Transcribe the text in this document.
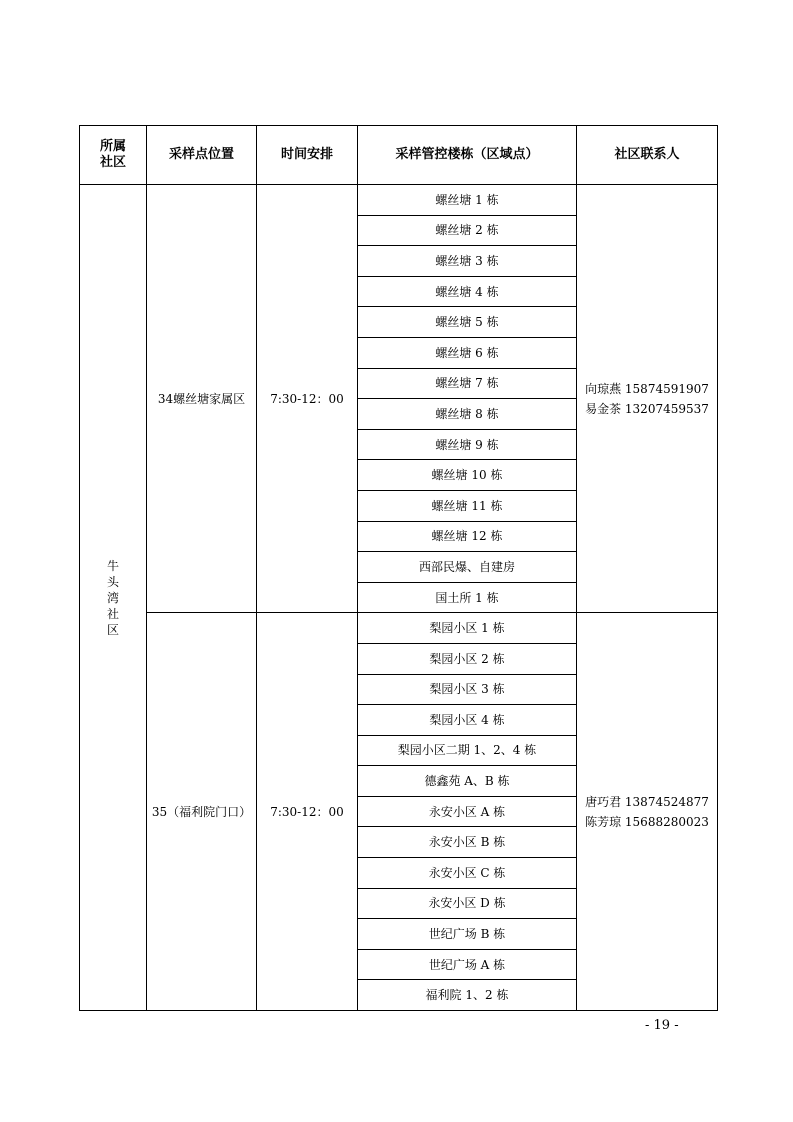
所属
社区	采样点位置	时间安排	采样管控楼栋（区域点）	社区联系人

牛
头
湾
社
区	34螺丝塘家属区	7:30-12：00	螺丝塘 1 栋	向琼燕 15874591907
易金茶 13207459537

			螺丝塘 2 栋	
			螺丝塘 3 栋	
			螺丝塘 4 栋	
			螺丝塘 5 栋	
			螺丝塘 6 栋	
			螺丝塘 7 栋	
			螺丝塘 8 栋	
			螺丝塘 9 栋	
			螺丝塘 10 栋	
			螺丝塘 11 栋	
			螺丝塘 12 栋	
			西部民爆、自建房	
			国土所 1 栋	
	35（福利院门口）	7:30-12：00	梨园小区 1 栋	唐巧君 13874524877
陈芳琼 15688280023

			梨园小区 2 栋	
			梨园小区 3 栋	
			梨园小区 4 栋	
			梨园小区二期 1、2、4 栋	
			德鑫苑 A、B 栋	
			永安小区 A 栋	
			永安小区 B 栋	
			永安小区 C 栋	
			永安小区 D 栋	
			世纪广场 B 栋	
			世纪广场 A 栋	
			福利院 1、2 栋	
- 19 -
